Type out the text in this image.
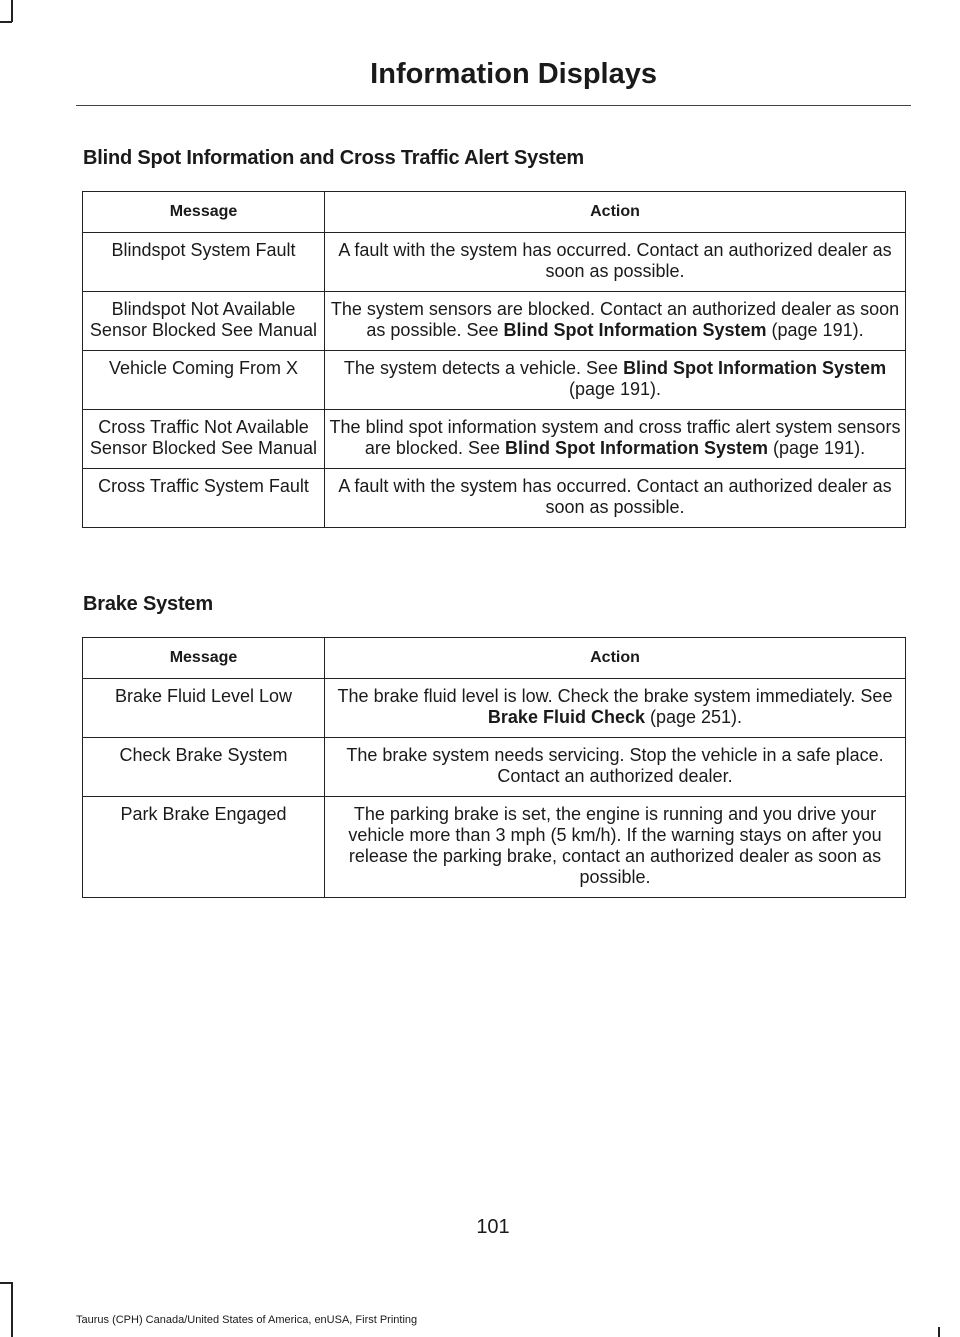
Information Displays
Blind Spot Information and Cross Traffic Alert System
Message	Action
Blindspot System Fault	A fault with the system has occurred. Contact an authorized dealer as soon as possible.
Blindspot Not Available Sensor Blocked See Manual	The system sensors are blocked. Contact an authorized dealer as soon as possible. See Blind Spot Information System (page 191).
Vehicle Coming From X	The system detects a vehicle. See Blind Spot Information System (page 191).
Cross Traffic Not Available Sensor Blocked See Manual	The blind spot information system and cross traffic alert system sensors are blocked. See Blind Spot Information System (page 191).
Cross Traffic System Fault	A fault with the system has occurred. Contact an authorized dealer as soon as possible.
Brake System
Message	Action
Brake Fluid Level Low	The brake fluid level is low. Check the brake system immediately. See Brake Fluid Check (page 251).
Check Brake System	The brake system needs servicing. Stop the vehicle in a safe place. Contact an authorized dealer.
Park Brake Engaged	The parking brake is set, the engine is running and you drive your vehicle more than 3 mph (5 km/h). If the warning stays on after you release the parking brake, contact an authorized dealer as soon as possible.

101

Taurus (CPH) Canada/United States of America, enUSA, First Printing
